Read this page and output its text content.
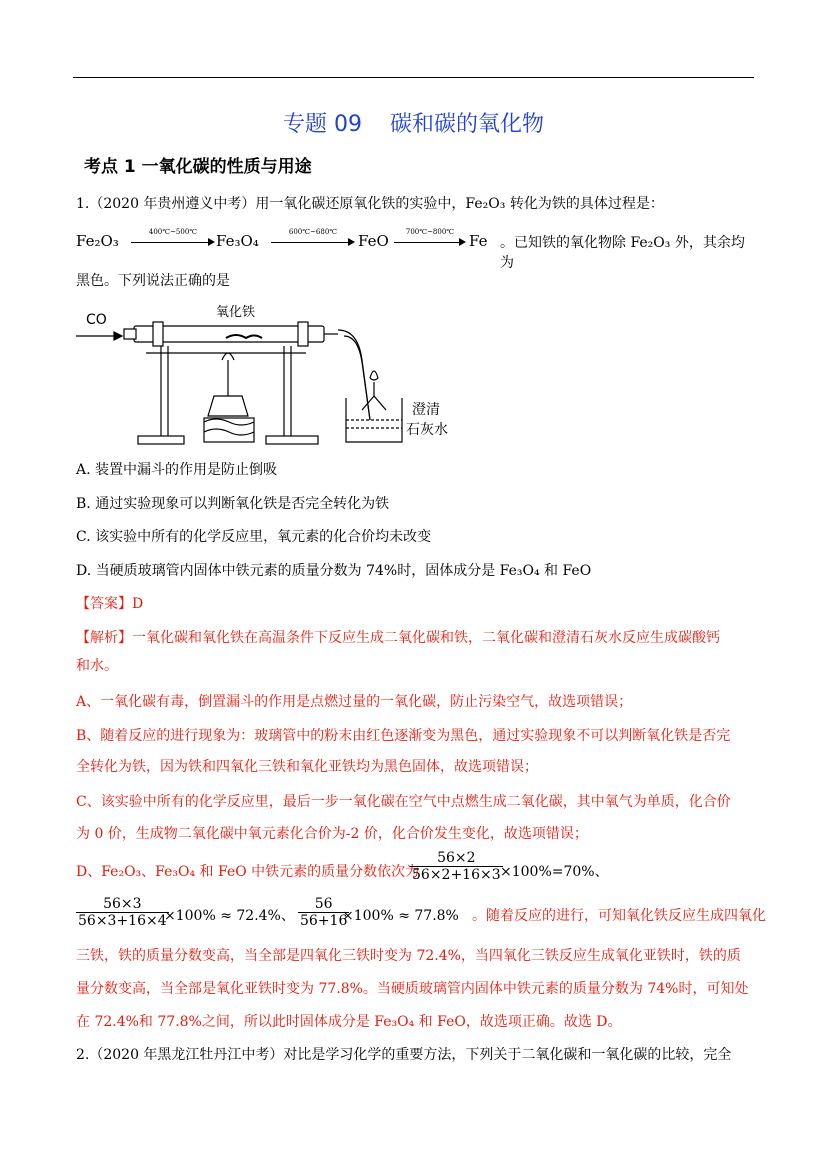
专题 09 碳和碳的氧化物
考点 1 一氧化碳的性质与用途
1.（2020 年贵州遵义中考）用一氧化碳还原氧化铁的实验中，Fe₂O₃ 转化为铁的具体过程是：
Fe₂O₃	400℃~500℃	Fe₃O₄	600℃~680℃	FeO	700℃~800℃ Fe 。已知铁的氧化物除 Fe₂O₃ 外，其余均为
黑色。下列说法正确的是
CO	氧化铁
澄清
石灰水
A. 装置中漏斗的作用是防止倒吸
B. 通过实验现象可以判断氧化铁是否完全转化为铁
C. 该实验中所有的化学反应里，氧元素的化合价均未改变
D. 当硬质玻璃管内固体中铁元素的质量分数为 74%时，固体成分是 Fe₃O₄ 和 FeO
【答案】D
【解析】一氧化碳和氧化铁在高温条件下反应生成二氧化碳和铁，二氧化碳和澄清石灰水反应生成碳酸钙
和水。
A、一氧化碳有毒，倒置漏斗的作用是点燃过量的一氧化碳，防止污染空气，故选项错误；
B、随着反应的进行现象为：玻璃管中的粉末由红色逐渐变为黑色，通过实验现象不可以判断氧化铁是否完
全转化为铁，因为铁和四氧化三铁和氧化亚铁均为黑色固体，故选项错误；
C、该实验中所有的化学反应里，最后一步一氧化碳在空气中点燃生成二氧化碳，其中氧气为单质，化合价
为 0 价，生成物二氧化碳中氧元素化合价为-2 价，化合价发生变化，故选项错误；
D、Fe₂O₃、Fe₃O₄ 和 FeO 中铁元素的质量分数依次为
$\frac{56\times 2}{56\times 2+16\times 3}$
×100%=70%、
$\frac{56\times 3}{56\times 3+16\times 4}$
×100% ≈ 72.4%、 $\frac{56}{56+16}$
×100% ≈ 77.8% 。随着反应的进行，可知氧化铁反应生成四氧化
三铁，铁的质量分数变高，当全部是四氧化三铁时变为 72.4%，当四氧化三铁反应生成氧化亚铁时，铁的质
量分数变高，当全部是氧化亚铁时变为 77.8%。当硬质玻璃管内固体中铁元素的质量分数为 74%时，可知处
在 72.4%和 77.8%之间，所以此时固体成分是 Fe₃O₄ 和 FeO，故选项正确。故选 D。
2.（2020 年黑龙江牡丹江中考）对比是学习化学的重要方法，下列关于二氧化碳和一氧化碳的比较，完全
